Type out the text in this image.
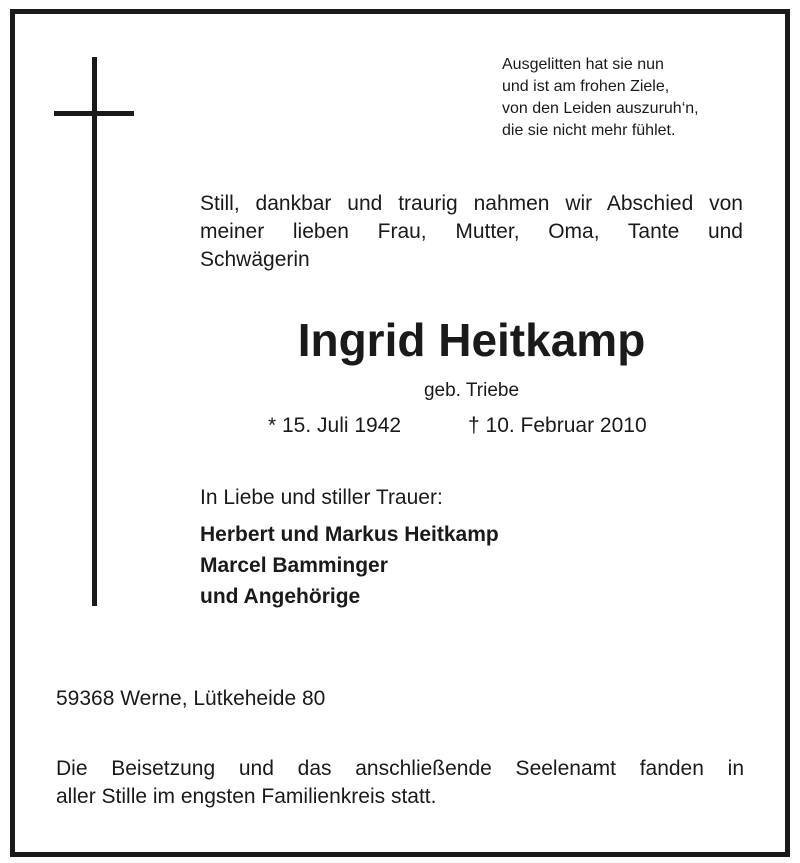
Ausgelitten hat sie nun
und ist am frohen Ziele,
von den Leiden auszuruh‘n,
die sie nicht mehr fühlet.
Still, dankbar und traurig nahmen wir Abschied von
meiner lieben Frau, Mutter, Oma, Tante und
Schwägerin
Ingrid Heitkamp
geb. Triebe
* 15. Juli 1942	† 10. Februar 2010
In Liebe und stiller Trauer:
Herbert und Markus Heitkamp
Marcel Bamminger
und Angehörige
59368 Werne, Lütkeheide 80
Die Beisetzung und das anschließende Seelenamt fanden in
aller Stille im engsten Familienkreis statt.
